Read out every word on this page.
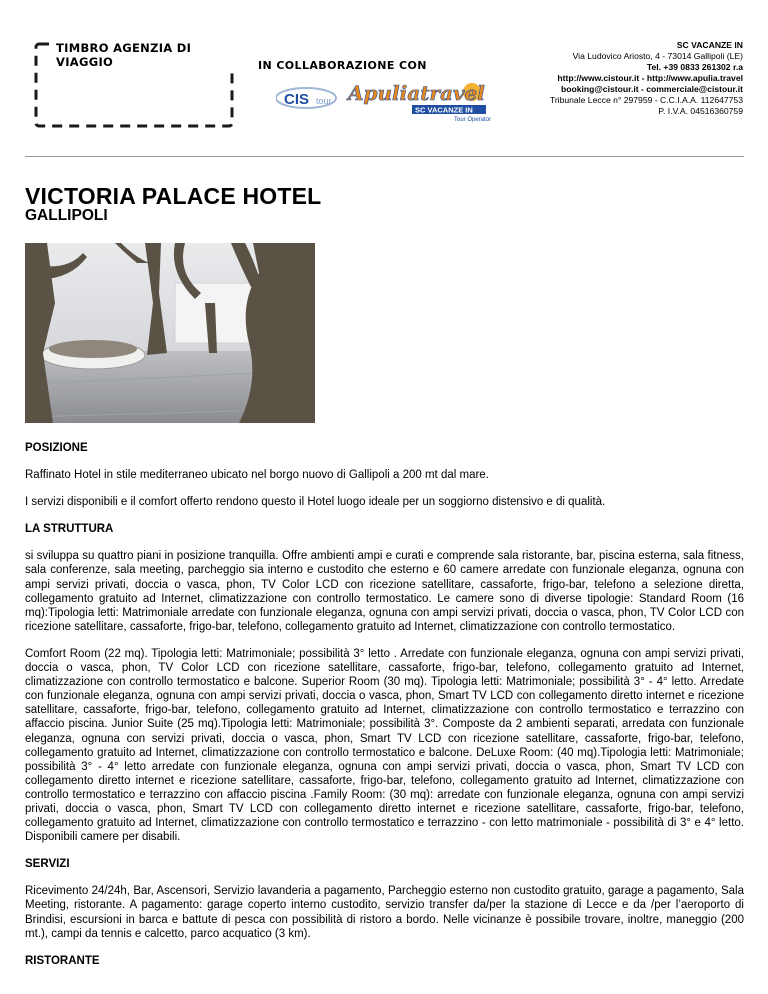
TIMBRO AGENZIA DI VIAGGIO	IN COLLABORAZIONE CON
CIS tour Apuliatravel
SC VACANZE IN
Tour Operator
SC VACANZE IN
Via Ludovico Ariosto, 4 - 73014 Gallipoli (LE)
Tel. +39 0833 261302 r.a
http://www.cistour.it - http://www.apulia.travel
booking@cistour.it - commerciale@cistour.it
Tribunale Lecce n° 297959 - C.C.I.A.A. 112647753
P. I.V.A. 04516360759
VICTORIA PALACE HOTEL
GALLIPOLI
POSIZIONE

Raffinato Hotel in stile mediterraneo ubicato nel borgo nuovo di Gallipoli a 200 mt dal mare.

I servizi disponibili e il comfort offerto rendono questo il Hotel luogo ideale per un soggiorno distensivo e di qualità.

LA STRUTTURA

si sviluppa su quattro piani in posizione tranquilla. Offre ambienti ampi e curati e comprende sala ristorante, bar, piscina esterna, sala fitness, sala conferenze, sala meeting, parcheggio sia interno e custodito che esterno e 60 camere arredate con funzionale eleganza, ognuna con ampi servizi privati, doccia o vasca, phon, TV Color LCD con ricezione satellitare, cassaforte, frigo-bar, telefono a selezione diretta, collegamento gratuito ad Internet, climatizzazione con controllo termostatico. Le camere sono di diverse tipologie: Standard Room (16 mq):Tipologia letti: Matrimoniale arredate con funzionale eleganza, ognuna con ampi servizi privati, doccia o vasca, phon, TV Color LCD con ricezione satellitare, cassaforte, frigo-bar, telefono, collegamento gratuito ad Internet, climatizzazione con controllo termostatico.

Comfort Room (22 mq). Tipologia letti: Matrimoniale; possibilità 3° letto . Arredate con funzionale eleganza, ognuna con ampi servizi privati, doccia o vasca, phon, TV Color LCD con ricezione satellitare, cassaforte, frigo-bar, telefono, collegamento gratuito ad Internet, climatizzazione con controllo termostatico e balcone. Superior Room (30 mq). Tipologia letti: Matrimoniale; possibilità 3° - 4° letto. Arredate con funzionale eleganza, ognuna con ampi servizi privati, doccia o vasca, phon, Smart TV LCD con collegamento diretto internet e ricezione satellitare, cassaforte, frigo-bar, telefono, collegamento gratuito ad Internet, climatizzazione con controllo termostatico e terrazzino con affaccio piscina. Junior Suite (25 mq).Tipologia letti: Matrimoniale; possibilità 3°. Composte da 2 ambienti separati, arredata con funzionale eleganza, ognuna con servizi privati, doccia o vasca, phon, Smart TV LCD con ricezione satellitare, cassaforte, frigo-bar, telefono, collegamento gratuito ad Internet, climatizzazione con controllo termostatico e balcone. DeLuxe Room: (40 mq).Tipologia letti: Matrimoniale; possibilità 3° - 4° letto arredate con funzionale eleganza, ognuna con ampi servizi privati, doccia o vasca, phon, Smart TV LCD con collegamento diretto internet e ricezione satellitare, cassaforte, frigo-bar, telefono, collegamento gratuito ad Internet, climatizzazione con controllo termostatico e terrazzino con affaccio piscina .Family Room: (30 mq): arredate con funzionale eleganza, ognuna con ampi servizi privati, doccia o vasca, phon, Smart TV LCD con collegamento diretto internet e ricezione satellitare, cassaforte, frigo-bar, telefono, collegamento gratuito ad Internet, climatizzazione con controllo termostatico e terrazzino - con letto matrimoniale - possibilità di 3° e 4° letto. Disponibili camere per disabili.

SERVIZI

Ricevimento 24/24h, Bar, Ascensori, Servizio lavanderia a pagamento, Parcheggio esterno non custodito gratuito, garage a pagamento, Sala Meeting, ristorante. A pagamento: garage coperto interno custodito, servizio transfer da/per la stazione di Lecce e da /per l’aeroporto di Brindisi, escursioni in barca e battute di pesca con possibilità di ristoro a bordo. Nelle vicinanze è possibile trovare, inoltre, maneggio (200 mt.), campi da tennis e calcetto, parco acquatico (3 km).

RISTORANTE
